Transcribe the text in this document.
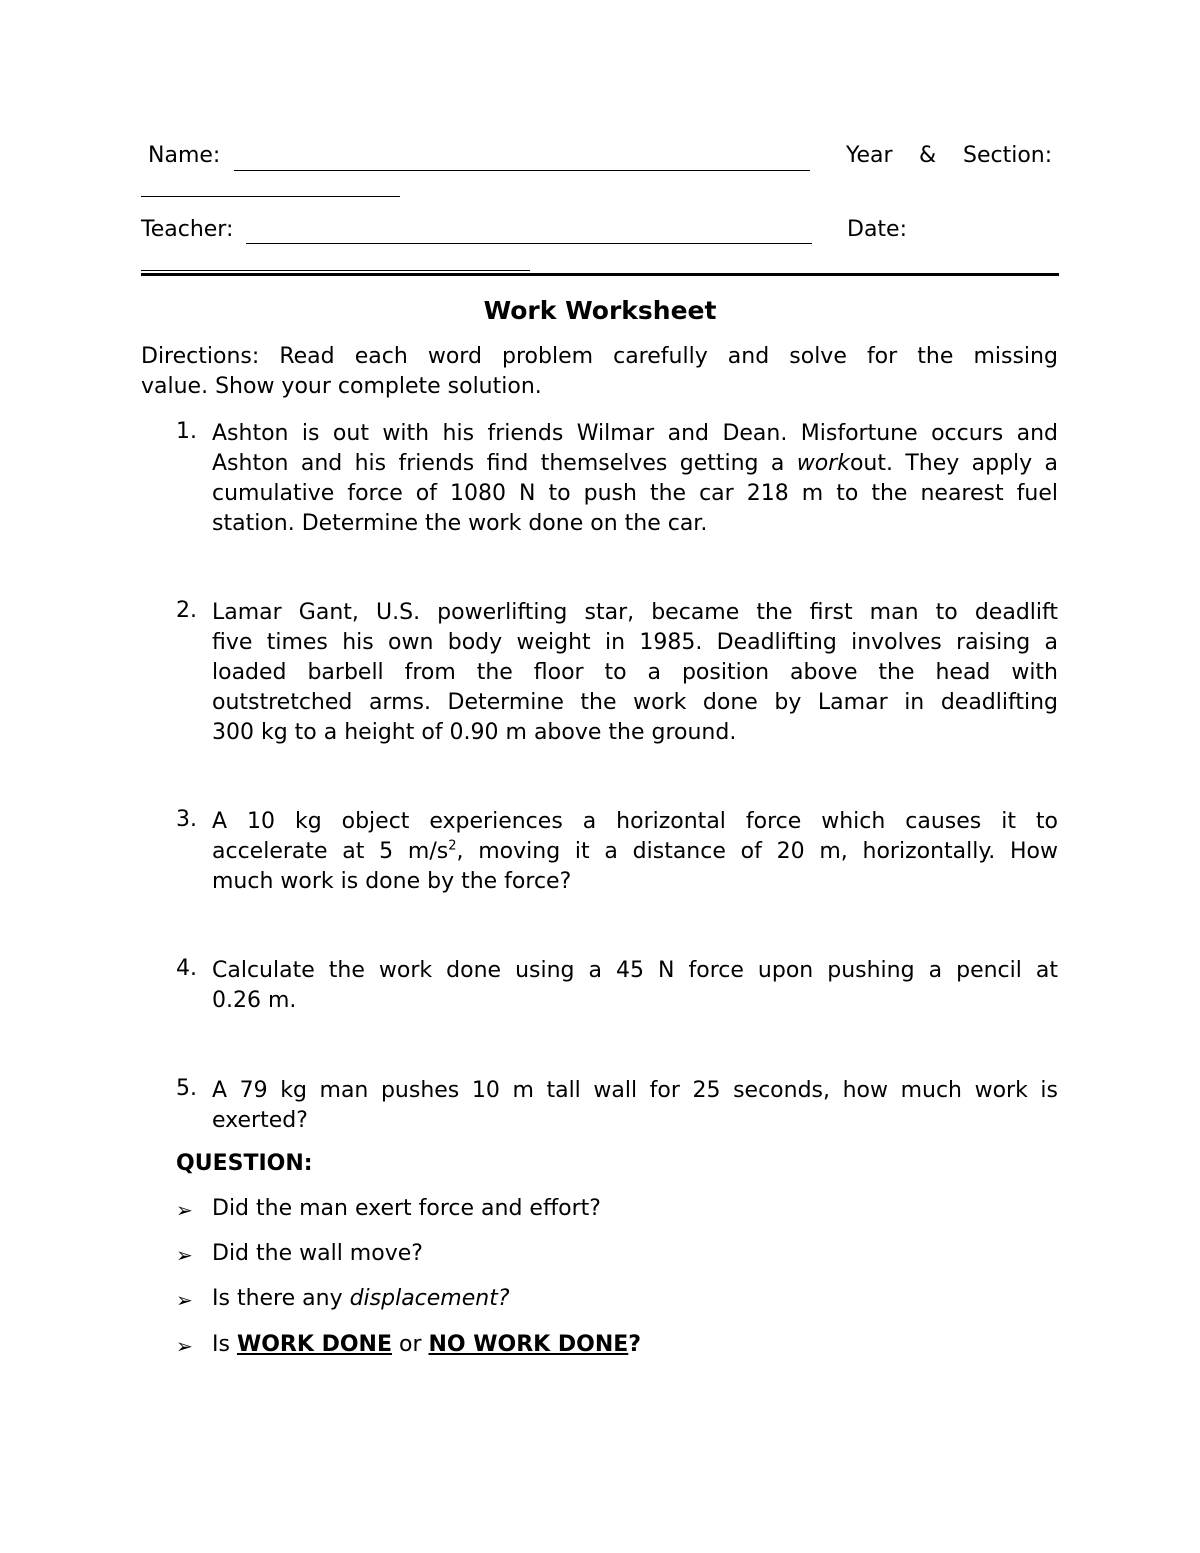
Name:	Year & Section:
Teacher:	Date:
Work Worksheet
Directions: Read each word problem carefully and solve for the missing
value. Show your complete solution.
1. Ashton is out with his friends Wilmar and Dean. Misfortune occurs and
Ashton and his friends find themselves getting a workout. They apply a
cumulative force of 1080 N to push the car 218 m to the nearest fuel
station. Determine the work done on the car.
2. Lamar Gant, U.S. powerlifting star, became the first man to deadlift
five times his own body weight in 1985. Deadlifting involves raising a
loaded barbell from the floor to a position above the head with
outstretched arms. Determine the work done by Lamar in deadlifting
300 kg to a height of 0.90 m above the ground.
3. A 10 kg object experiences a horizontal force which causes it to
accelerate at 5 $m/s^2$, moving it a distance of 20 m, horizontally. How
much work is done by the force?
4. Calculate the work done using a 45 N force upon pushing a pencil at
0.26 m.
5. A 79 kg man pushes 10 m tall wall for 25 seconds, how much work is
exerted?
QUESTION:
➢ Did the man exert force and effort?
➢ Did the wall move?
➢ Is there any displacement?
➢ Is WORK DONE or NO WORK DONE?
